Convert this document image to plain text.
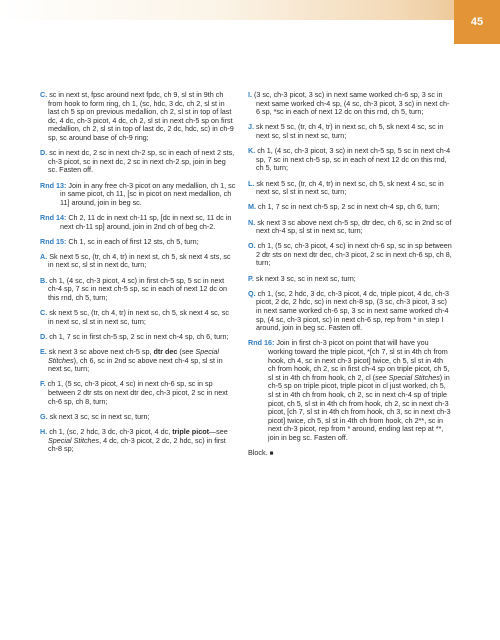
45

C. sc in next st, fpsc around next fpdc, ch 9, sl st in 9th ch from hook to form ring, ch 1, (sc, hdc, 3 dc, ch 2, sl st in last ch 5 sp on previous medallion, ch 2, sl st in top of last dc, 4 dc, ch-3 picot, 4 dc, ch 2, sl st in next ch-5 sp on first medallion, ch 2, sl st in top of last dc, 2 dc, hdc, sc) in ch-9 sp, sc around base of ch-9 ring;

D. sc in next dc, 2 sc in next ch-2 sp, sc in each of next 2 sts, ch-3 picot, sc in next dc, 2 sc in next ch-2 sp, join in beg sc. Fasten off.

Rnd 13: Join in any free ch-3 picot on any medallion, ch 1, sc in same picot, ch 11, [sc in picot on next medallion, ch 11] around, join in beg sc.

Rnd 14: Ch 2, 11 dc in next ch-11 sp, [dc in next sc, 11 dc in next ch-11 sp] around, join in 2nd ch of beg ch-2.

Rnd 15: Ch 1, sc in each of first 12 sts, ch 5, turn;

A. Sk next 5 sc, (tr, ch 4, tr) in next st, ch 5, sk next 4 sts, sc in next sc, sl st in next dc, turn;

B. ch 1, (4 sc, ch-3 picot, 4 sc) in first ch-5 sp, 5 sc in next ch-4 sp, 7 sc in next ch-5 sp, sc in each of next 12 dc on this rnd, ch 5, turn;

C. sk next 5 sc, (tr, ch 4, tr) in next sc, ch 5, sk next 4 sc, sc in next sc, sl st in next sc, turn;

D. ch 1, 7 sc in first ch-5 sp, 2 sc in next ch-4 sp, ch 6, turn;

E. sk next 3 sc above next ch-5 sp, dtr dec (see Special Stitches), ch 6, sc in 2nd sc above next ch-4 sp, sl st in next sc, turn;

F. ch 1, (5 sc, ch-3 picot, 4 sc) in next ch-6 sp, sc in sp between 2 dtr sts on next dtr dec, ch-3 picot, 2 sc in next ch-6 sp, ch 8, turn;

G. sk next 3 sc, sc in next sc, turn;

H. ch 1, (sc, 2 hdc, 3 dc, ch-3 picot, 4 dc, triple picot—see Special Stitches, 4 dc, ch-3 picot, 2 dc, 2 hdc, sc) in first ch-8 sp;

I. (3 sc, ch-3 picot, 3 sc) in next same worked ch-6 sp, 3 sc in next same worked ch-4 sp, (4 sc, ch-3 picot, 3 sc) in next ch-6 sp, *sc in each of next 12 dc on this rnd, ch 5, turn;

J. sk next 5 sc, (tr, ch 4, tr) in next sc, ch 5, sk next 4 sc, sc in next sc, sl st in next sc, turn;

K. ch 1, (4 sc, ch-3 picot, 3 sc) in next ch-5 sp, 5 sc in next ch-4 sp, 7 sc in next ch-5 sp, sc in each of next 12 dc on this rnd, ch 5, turn;

L. sk next 5 sc, (tr, ch 4, tr) in next sc, ch 5, sk next 4 sc, sc in next sc, sl st in next sc, turn;

M. ch 1, 7 sc in next ch-5 sp, 2 sc in next ch-4 sp, ch 6, turn;

N. sk next 3 sc above next ch-5 sp, dtr dec, ch 6, sc in 2nd sc of next ch-4 sp, sl st in next sc, turn;

O. ch 1, (5 sc, ch-3 picot, 4 sc) in next ch-6 sp, sc in sp between 2 dtr sts on next dtr dec, ch-3 picot, 2 sc in next ch-6 sp, ch 8, turn;

P. sk next 3 sc, sc in next sc, turn;

Q. ch 1, (sc, 2 hdc, 3 dc, ch-3 picot, 4 dc, triple picot, 4 dc, ch-3 picot, 2 dc, 2 hdc, sc) in next ch-8 sp, (3 sc, ch-3 picot, 3 sc) in next same worked ch-6 sp, 3 sc in next same worked ch-4 sp, (4 sc, ch-3 picot, sc) in next ch-6 sp, rep from * in step I around, join in beg sc. Fasten off.

Rnd 16: Join in first ch-3 picot on point that will have you working toward the triple picot, *[ch 7, sl st in 4th ch from hook, ch 4, sc in next ch-3 picot] twice, ch 5, sl st in 4th ch from hook, ch 2, sc in first ch-4 sp on triple picot, ch 5, sl st in 4th ch from hook, ch 2, cl (see Special Stitches) in ch-5 sp on triple picot, triple picot in cl just worked, ch 5, sl st in 4th ch from hook, ch 2, sc in next ch-4 sp of triple picot, ch 5, sl st in 4th ch from hook, ch 2, sc in next ch-3 picot, [ch 7, sl st in 4th ch from hook, ch 3, sc in next ch-3 picot] twice, ch 5, sl st in 4th ch from hook, ch 2**, sc in next ch-3 picot, rep from * around, ending last rep at **, join in beg sc. Fasten off.

Block. ■
